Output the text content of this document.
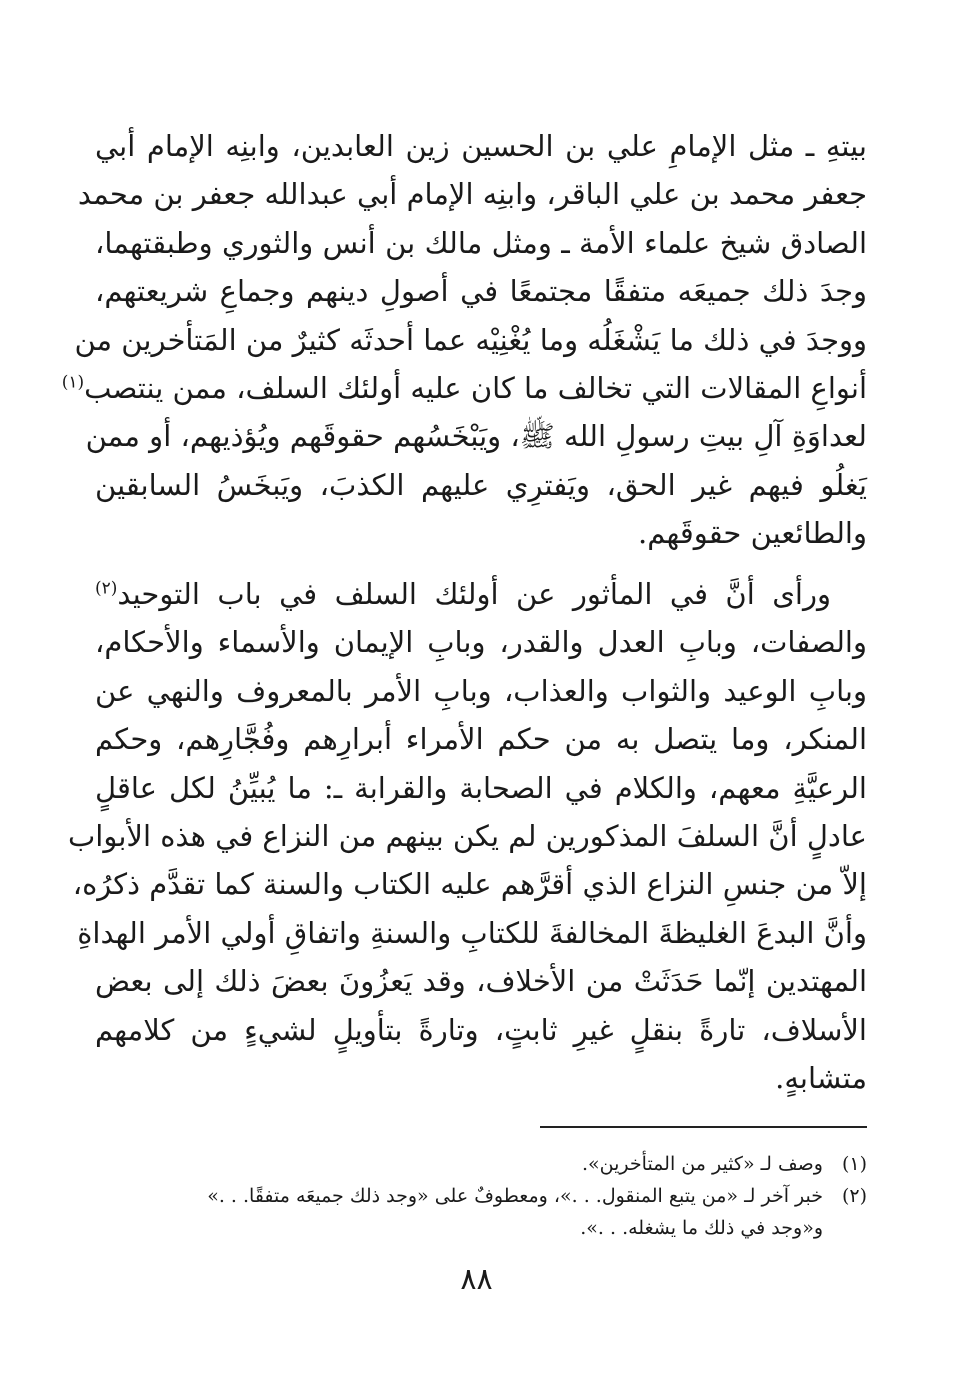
بيتهِ ـ مثل الإمامِ علي بن الحسين زين العابدين، وابنِه الإمام أبي
جعفر محمد بن علي الباقر، وابنِه الإمام أبي عبدالله جعفر بن محمد
الصادق شيخ علماء الأمة ـ ومثل مالك بن أنس والثوري وطبقتهما،
وجدَ ذلك جميعَه متفقًا مجتمعًا في أصولِ دينهم وجماعِ شريعتهم،
ووجدَ في ذلك ما يَشْغَلُه وما يُغْنِيْه عما أحدثَه كثيرٌ من المَتأخرين من
أنواعِ المقالات التي تخالف ما كان عليه أولئك السلف، ممن ينتصب$^{(١)}$
لعداوَةِ آلِ بيتِ رسولِ الله ﷺ، ويَبْخَسُهم حقوقَهم ويُؤذيهم، أو ممن
يَغلُو فيهم غير الحق، ويَفترِي عليهم الكذبَ، ويَبخَسُ السابقين
والطائعين حقوقَهم.
ورأى أنَّ في المأثور عن أولئك السلف في باب التوحيد$^{(٢)}$
والصفات، وبابِ العدل والقدر، وبابِ الإيمان والأسماء والأحكام،
وبابِ الوعيد والثواب والعذاب، وبابِ الأمر بالمعروف والنهي عن
المنكر، وما يتصل به من حكم الأمراء أبرارِهم وفُجَّارِهم، وحكم
الرعيَّةِ معهم، والكلام في الصحابة والقرابة ـ: ما يُبيِّنُ لكل عاقلٍ
عادلٍ أنَّ السلفَ المذكورين لم يكن بينهم من النزاع في هذه الأبواب
إلاّ من جنسِ النزاع الذي أقرَّهم عليه الكتاب والسنة كما تقدَّم ذكرُه،
وأنَّ البدعَ الغليظةَ المخالفةَ للكتابِ والسنةِ واتفاقِ أولي الأمر الهداةِ
المهتدين إنّما حَدَثَتْ من الأخلاف، وقد يَعزُونَ بعضَ ذلك إلى بعض
الأسلاف، تارةً بنقلٍ غيرِ ثابتٍ، وتارةً بتأويلٍ لشيءٍ من كلامهم
متشابهٍ.
(١)وصف لـ «كثير من المتأخرين».
(٢)خبر آخر لـ «من يتبع المنقول. . .»، ومعطوفٌ على «وجد ذلك جميعَه متفقًا. . .»
و«وجد في ذلك ما يشغله. . .».
٨٨
